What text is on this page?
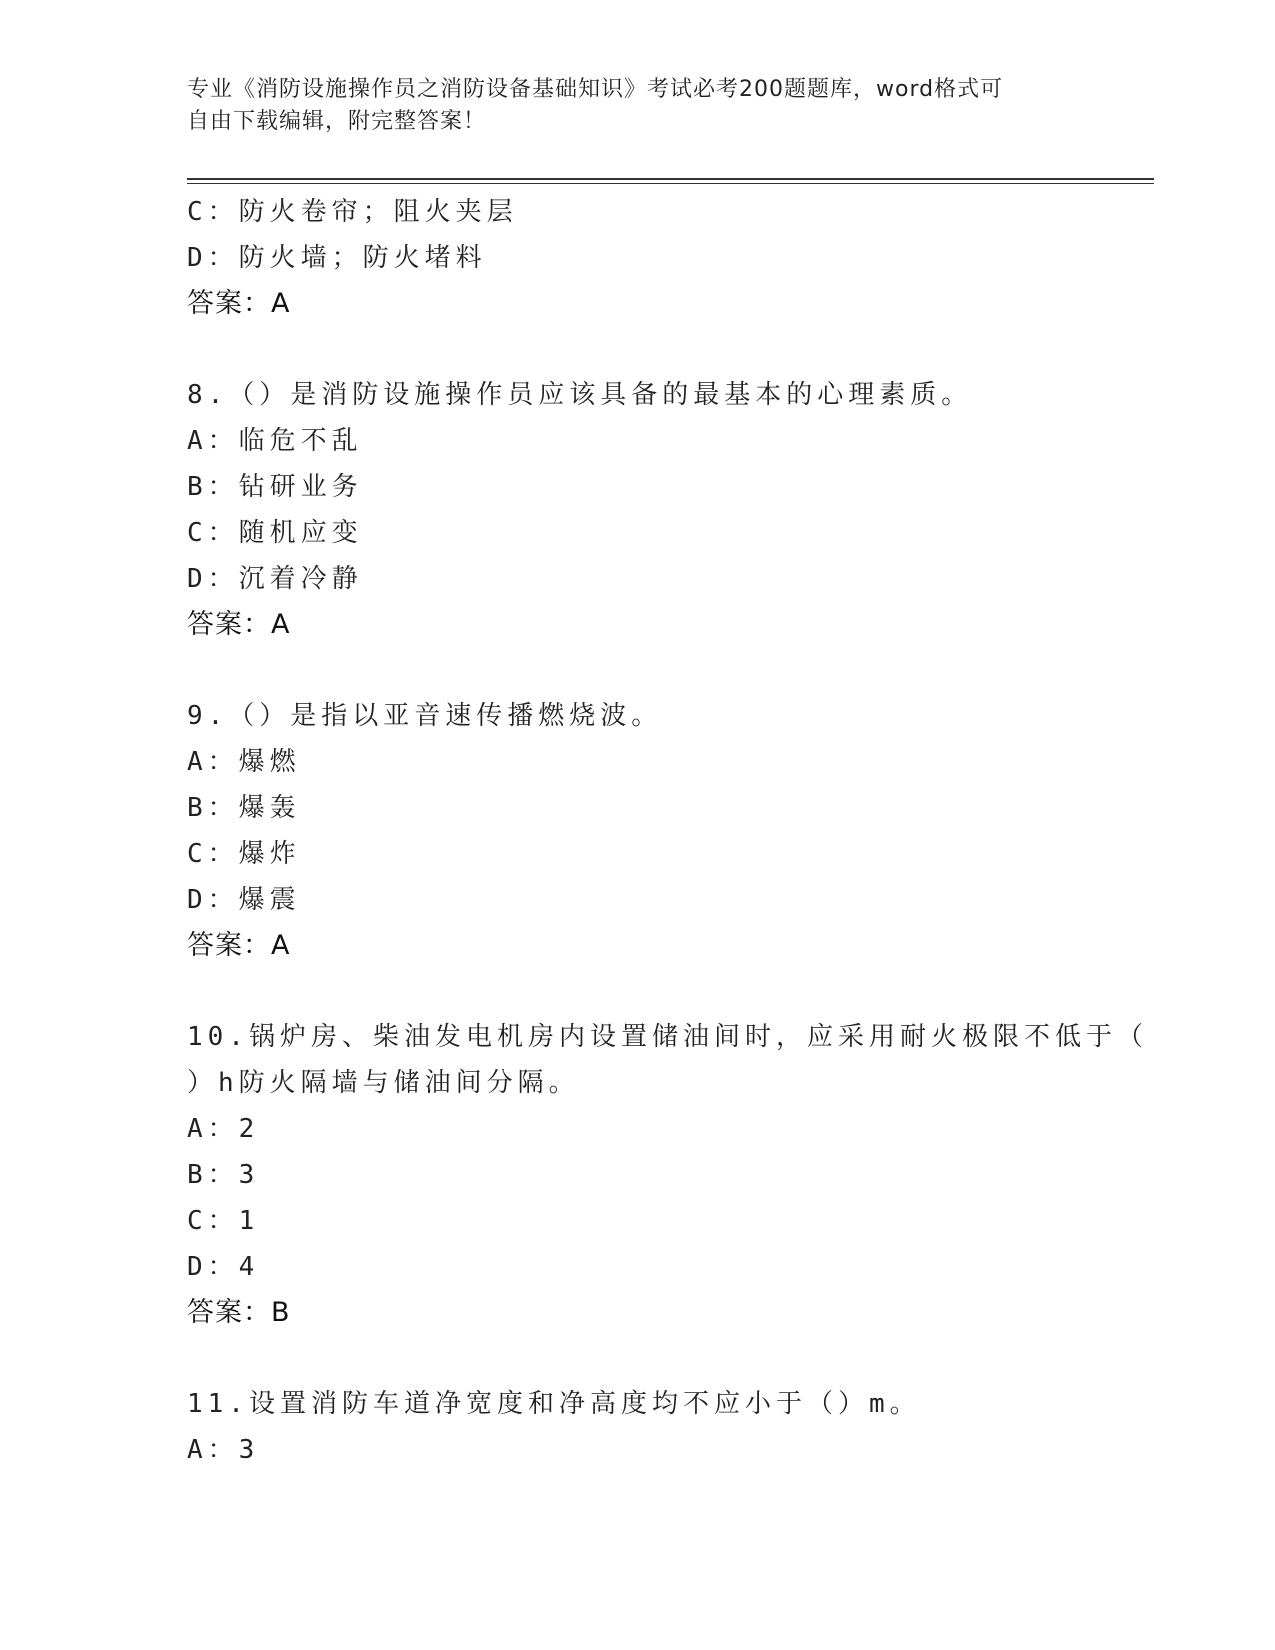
专业《消防设施操作员之消防设备基础知识》考试必考200题题库，word格式可
自由下载编辑，附完整答案！
C：防火卷帘；阻火夹层
D：防火墙；防火堵料
答案：A
8.（）是消防设施操作员应该具备的最基本的心理素质。
A：临危不乱
B：钻研业务
C：随机应变
D：沉着冷静
答案：A
9.（）是指以亚音速传播燃烧波。
A：爆燃
B：爆轰
C：爆炸
D：爆震
答案：A
10.锅炉房、柴油发电机房内设置储油间时，应采用耐火极限不低于（
）h防火隔墙与储油间分隔。
A：2
B：3
C：1
D：4
答案：B
11.设置消防车道净宽度和净高度均不应小于（）m。
A：3
